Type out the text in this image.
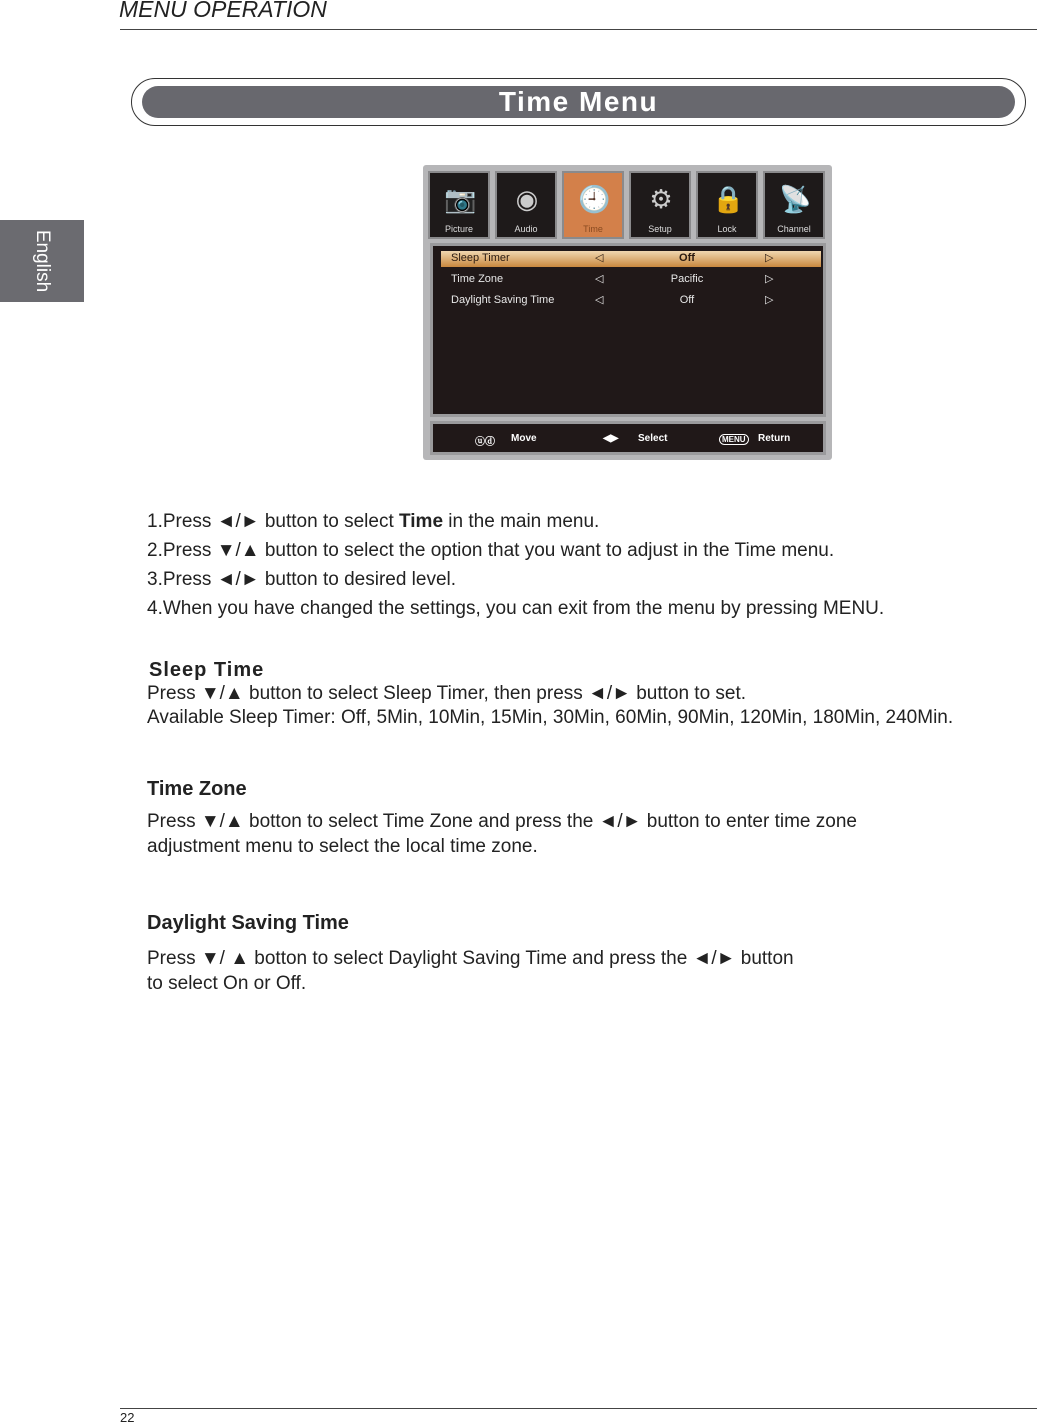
MENU OPERATION
English
Time Menu
📷
Picture
◉
Audio
🕘
Time
⚙
Setup
🔒
Lock
📡
Channel
Sleep Timer	◁	Off	▷
Time Zone	◁	Pacific	▷
Daylight Saving Time	◁	Off	▷
ⓤⓓ Move	◀▶ Select	MENU	Return
1.Press ◄/► button to select Time in the main menu.
2.Press ▼/▲ button to select the option that you want to adjust in the Time menu.
3.Press ◄/► button to desired level.
4.When you have changed the settings, you can exit from the menu by pressing MENU.
Sleep Time
Press ▼/▲ button to select Sleep Timer, then press ◄/► button to set.
Available Sleep Timer: Off, 5Min, 10Min, 15Min, 30Min, 60Min, 90Min, 120Min, 180Min, 240Min.
Time Zone
Press ▼/▲ botton to select Time Zone and press the ◄/► button to enter time zone
adjustment menu to select the local time zone.
Daylight Saving Time
Press ▼/ ▲ botton to select Daylight Saving Time and press the ◄/► button
to select On or Off.
22
